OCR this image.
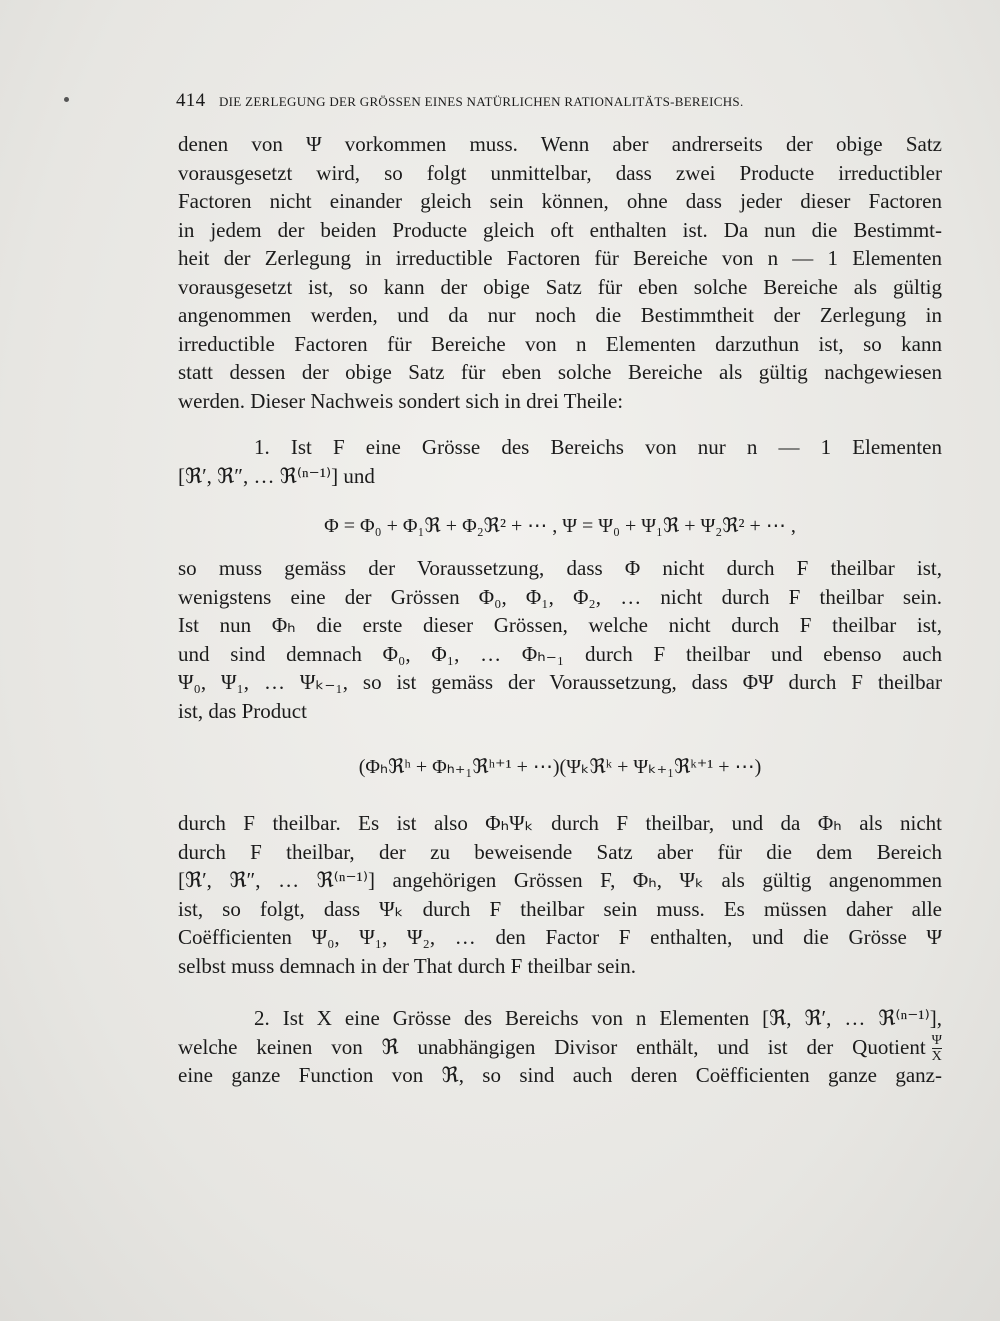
414 DIE ZERLEGUNG DER GRÖSSEN EINES NATÜRLICHEN RATIONALITÄTS-BEREICHS.
denen von Ψ vorkommen muss. Wenn aber andrerseits der obige Satz
vorausgesetzt wird, so folgt unmittelbar, dass zwei Producte irreductibler
Factoren nicht einander gleich sein können, ohne dass jeder dieser Factoren
in jedem der beiden Producte gleich oft enthalten ist. Da nun die Bestimmt-
heit der Zerlegung in irreductible Factoren für Bereiche von n — 1 Elementen
vorausgesetzt ist, so kann der obige Satz für eben solche Bereiche als gültig
angenommen werden, und da nur noch die Bestimmtheit der Zerlegung in
irreductible Factoren für Bereiche von n Elementen darzuthun ist, so kann
statt dessen der obige Satz für eben solche Bereiche als gültig nachgewiesen
werden. Dieser Nachweis sondert sich in drei Theile:
1. Ist F eine Grösse des Bereichs von nur n — 1 Elementen
[ℜ′, ℜ″, … ℜ⁽ⁿ⁻¹⁾] und
Φ = Φ₀ + Φ₁ℜ + Φ₂ℜ² + ⋯ , Ψ = Ψ₀ + Ψ₁ℜ + Ψ₂ℜ² + ⋯ ,
so muss gemäss der Voraussetzung, dass Φ nicht durch F theilbar ist,
wenigstens eine der Grössen Φ₀, Φ₁, Φ₂, … nicht durch F theilbar sein.
Ist nun Φₕ die erste dieser Grössen, welche nicht durch F theilbar ist,
und sind demnach Φ₀, Φ₁, … Φₕ₋₁ durch F theilbar und ebenso auch
Ψ₀, Ψ₁, … Ψₖ₋₁, so ist gemäss der Voraussetzung, dass ΦΨ durch F theilbar
ist, das Product
(Φₕℜʰ + Φₕ₊₁ℜʰ⁺¹ + ⋯)(Ψₖℜᵏ + Ψₖ₊₁ℜᵏ⁺¹ + ⋯)
durch F theilbar. Es ist also ΦₕΨₖ durch F theilbar, und da Φₕ als nicht
durch F theilbar, der zu beweisende Satz aber für die dem Bereich
[ℜ′, ℜ″, … ℜ⁽ⁿ⁻¹⁾] angehörigen Grössen F, Φₕ, Ψₖ als gültig angenommen
ist, so folgt, dass Ψₖ durch F theilbar sein muss. Es müssen daher alle
Coëfficienten Ψ₀, Ψ₁, Ψ₂, … den Factor F enthalten, und die Grösse Ψ
selbst muss demnach in der That durch F theilbar sein.
2. Ist X eine Grösse des Bereichs von n Elementen [ℜ, ℜ′, … ℜ⁽ⁿ⁻¹⁾],
welche keinen von ℜ unabhängigen Divisor enthält, und ist der Quotient $\frac{\Psi}{X}$
eine ganze Function von ℜ, so sind auch deren Coëfficienten ganze ganz-
